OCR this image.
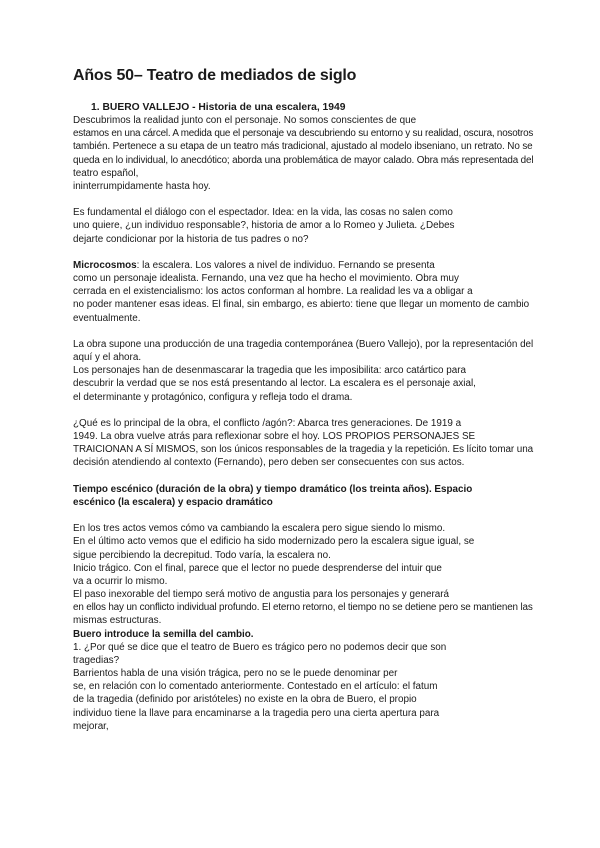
Años 50– Teatro de mediados de siglo
1. BUERO VALLEJO - Historia de una escalera, 1949
Descubrimos la realidad junto con el personaje. No somos conscientes de que
estamos en una cárcel. A medida que el personaje va descubriendo su entorno y su realidad, oscura, nosotros
también. Pertenece a su etapa de un teatro más tradicional, ajustado al modelo ibseniano, un retrato. No se
queda en lo individual, lo anecdótico; aborda una problemática de mayor calado. Obra más representada del
teatro español,
ininterrumpidamente hasta hoy.
Es fundamental el diálogo con el espectador. Idea: en la vida, las cosas no salen como
uno quiere, ¿un individuo responsable?, historia de amor a lo Romeo y Julieta. ¿Debes
dejarte condicionar por la historia de tus padres o no?
Microcosmos: la escalera. Los valores a nivel de individuo. Fernando se presenta
como un personaje idealista. Fernando, una vez que ha hecho el movimiento. Obra muy
cerrada en el existencialismo: los actos conforman al hombre. La realidad les va a obligar a
no poder mantener esas ideas. El final, sin embargo, es abierto: tiene que llegar un momento de cambio
eventualmente.
La obra supone una producción de una tragedia contemporánea (Buero Vallejo), por la representación del
aquí y el ahora.
Los personajes han de desenmascarar la tragedia que les imposibilita: arco catártico para
descubrir la verdad que se nos está presentando al lector. La escalera es el personaje axial,
el determinante y protagónico, configura y refleja todo el drama.
¿Qué es lo principal de la obra, el conflicto /agón?: Abarca tres generaciones. De 1919 a
1949. La obra vuelve atrás para reflexionar sobre el hoy. LOS PROPIOS PERSONAJES SE
TRAICIONAN A SÍ MISMOS, son los únicos responsables de la tragedia y la repetición. Es lícito tomar una
decisión atendiendo al contexto (Fernando), pero deben ser consecuentes con sus actos.
Tiempo escénico (duración de la obra) y tiempo dramático (los treinta años). Espacio
escénico (la escalera) y espacio dramático
En los tres actos vemos cómo va cambiando la escalera pero sigue siendo lo mismo.
En el último acto vemos que el edificio ha sido modernizado pero la escalera sigue igual, se
sigue percibiendo la decrepitud. Todo varía, la escalera no.
Inicio trágico. Con el final, parece que el lector no puede desprenderse del intuir que
va a ocurrir lo mismo.
El paso inexorable del tiempo será motivo de angustia para los personajes y generará
en ellos hay un conflicto individual profundo. El eterno retorno, el tiempo no se detiene pero se mantienen las
mismas estructuras.
Buero introduce la semilla del cambio.
1. ¿Por qué se dice que el teatro de Buero es trágico pero no podemos decir que son
tragedias?
Barrientos habla de una visión trágica, pero no se le puede denominar per
se, en relación con lo comentado anteriormente. Contestado en el artículo: el fatum
de la tragedia (definido por aristóteles) no existe en la obra de Buero, el propio
individuo tiene la llave para encaminarse a la tragedia pero una cierta apertura para
mejorar,
